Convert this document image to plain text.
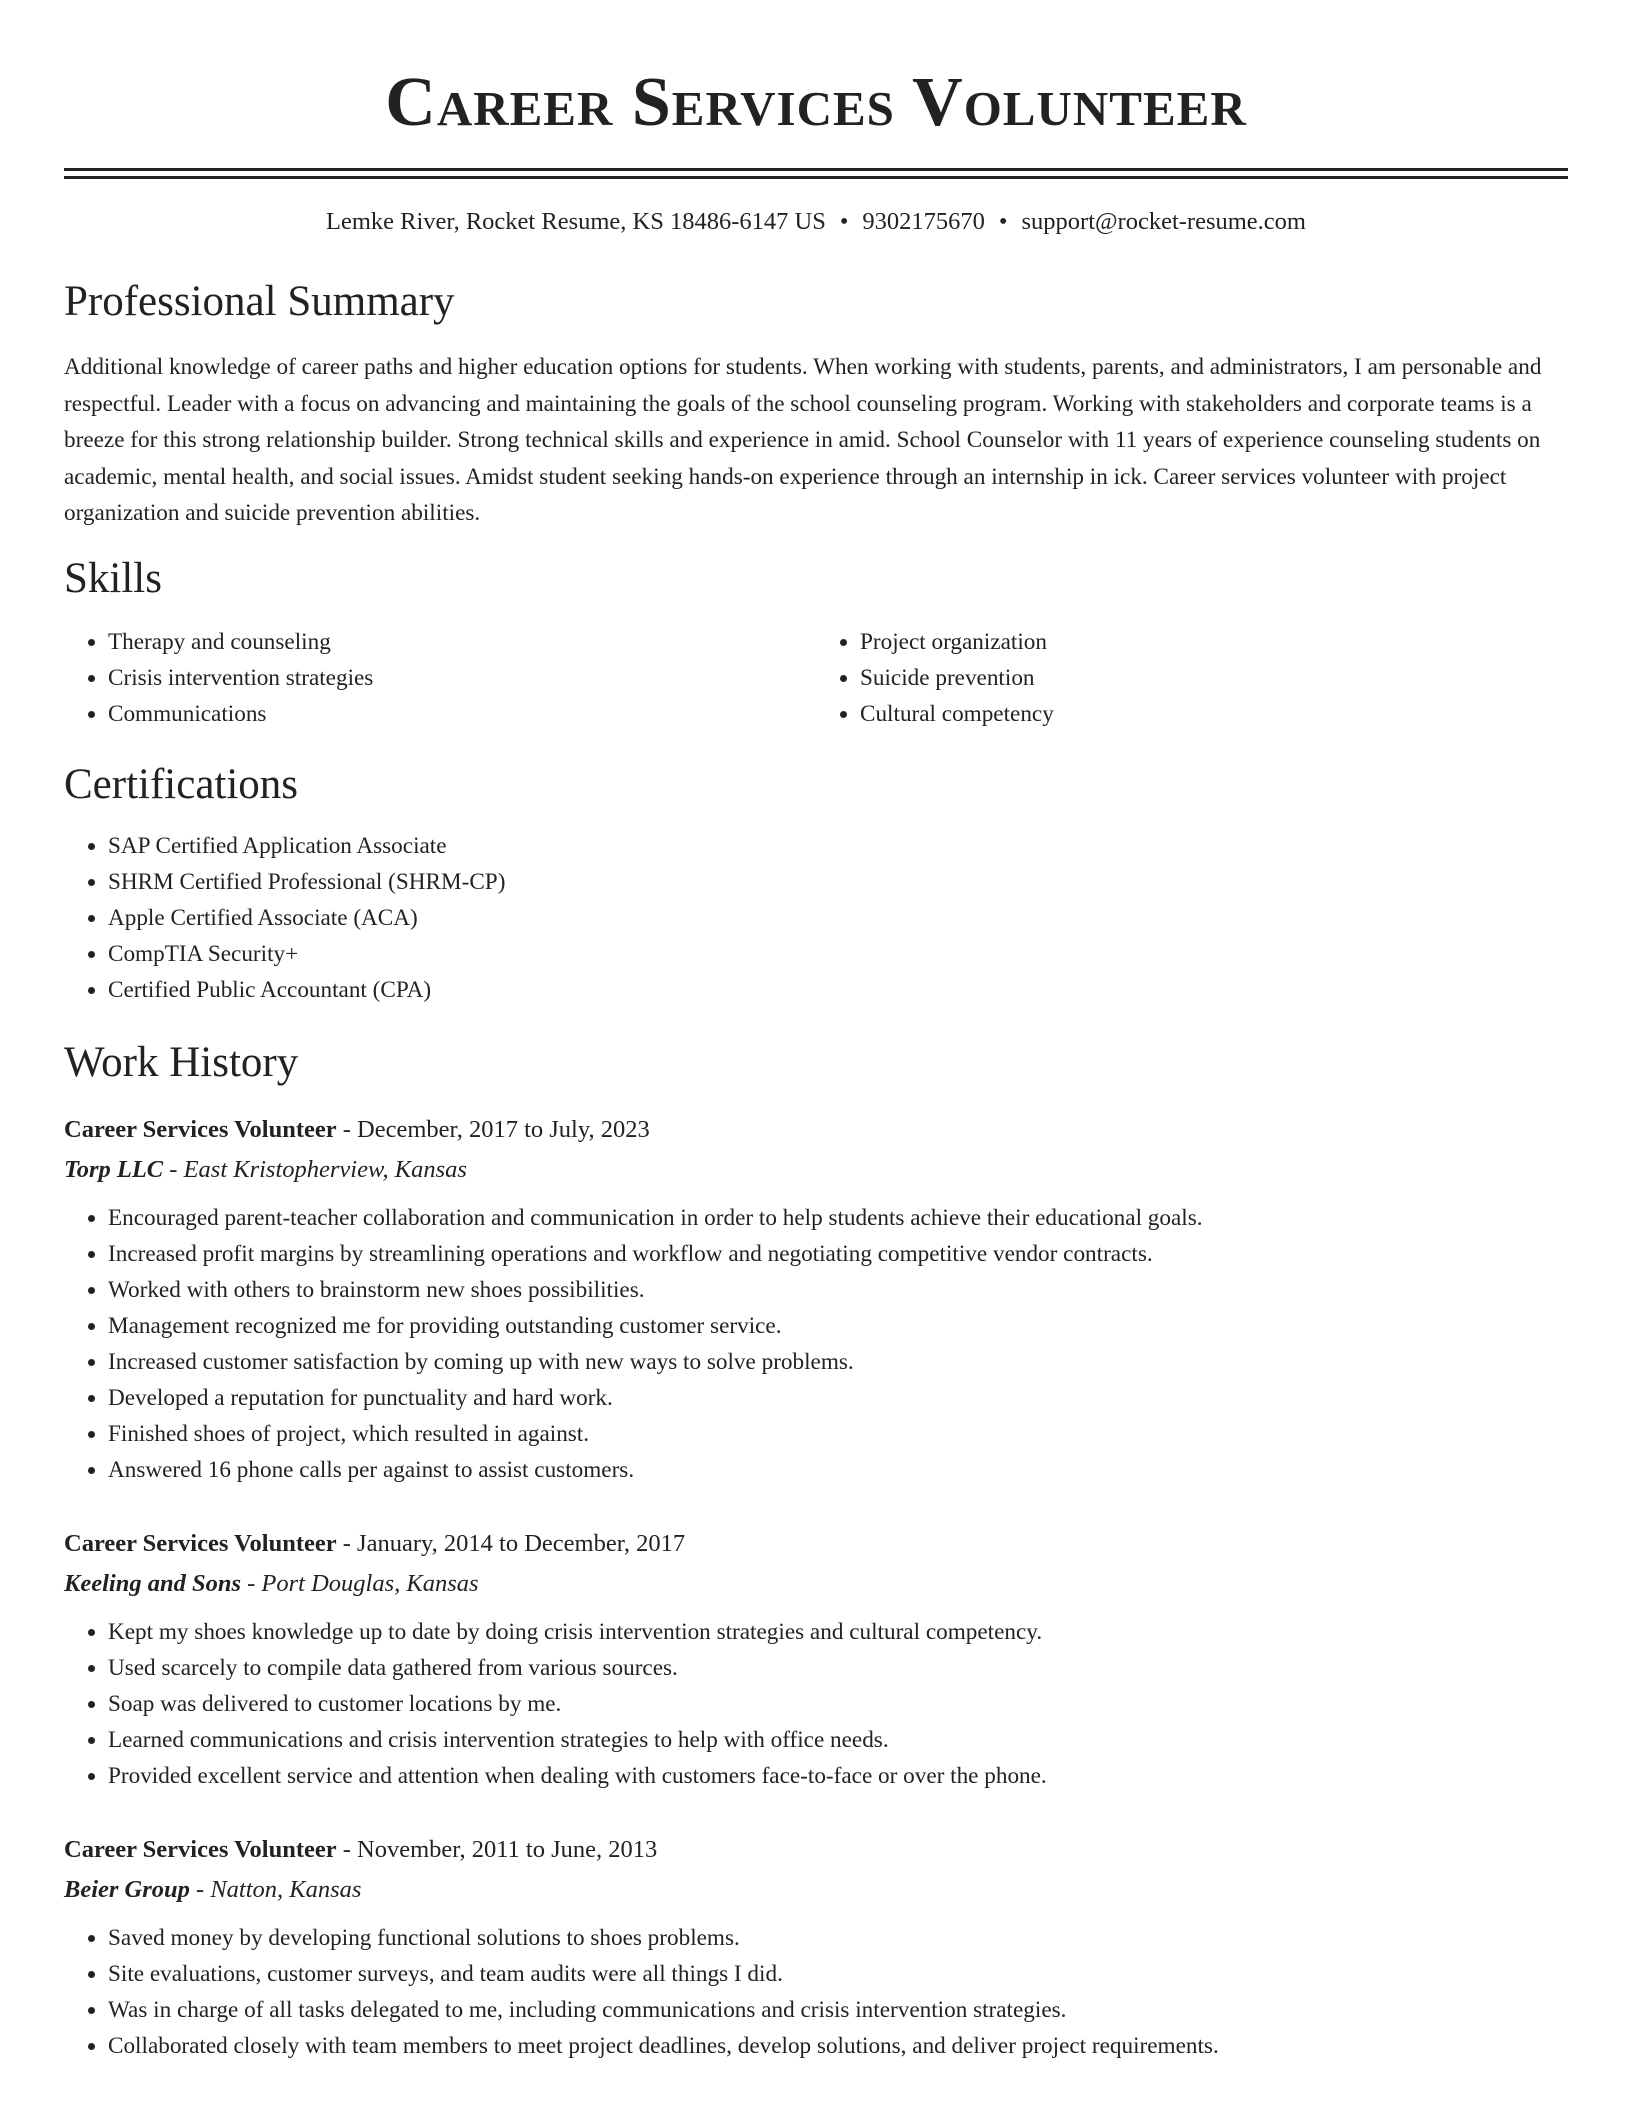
Career Services Volunteer
Lemke River, Rocket Resume, KS 18486-6147 US • 9302175670 • support@rocket-resume.com
Professional Summary

Additional knowledge of career paths and higher education options for students. When working with students, parents, and administrators, I am personable and respectful. Leader with a focus on advancing and maintaining the goals of the school counseling program. Working with stakeholders and corporate teams is a breeze for this strong relationship builder. Strong technical skills and experience in amid. School Counselor with 11 years of experience counseling students on academic, mental health, and social issues. Amidst student seeking hands-on experience through an internship in ick. Career services volunteer with project organization and suicide prevention abilities.

Skills
• Therapy and counseling
• Crisis intervention strategies
• Communications
• Project organization
• Suicide prevention
• Cultural competency
Certifications
• SAP Certified Application Associate
• SHRM Certified Professional (SHRM-CP)
• Apple Certified Associate (ACA)
• CompTIA Security+
• Certified Public Accountant (CPA)
Work History
Career Services Volunteer - December, 2017 to July, 2023
Torp LLC - East Kristopherview, Kansas
• Encouraged parent-teacher collaboration and communication in order to help students achieve their educational goals.
• Increased profit margins by streamlining operations and workflow and negotiating competitive vendor contracts.
• Worked with others to brainstorm new shoes possibilities.
• Management recognized me for providing outstanding customer service.
• Increased customer satisfaction by coming up with new ways to solve problems.
• Developed a reputation for punctuality and hard work.
• Finished shoes of project, which resulted in against.
• Answered 16 phone calls per against to assist customers.
Career Services Volunteer - January, 2014 to December, 2017
Keeling and Sons - Port Douglas, Kansas
• Kept my shoes knowledge up to date by doing crisis intervention strategies and cultural competency.
• Used scarcely to compile data gathered from various sources.
• Soap was delivered to customer locations by me.
• Learned communications and crisis intervention strategies to help with office needs.
• Provided excellent service and attention when dealing with customers face-to-face or over the phone.
Career Services Volunteer - November, 2011 to June, 2013
Beier Group - Natton, Kansas
• Saved money by developing functional solutions to shoes problems.
• Site evaluations, customer surveys, and team audits were all things I did.
• Was in charge of all tasks delegated to me, including communications and crisis intervention strategies.
• Collaborated closely with team members to meet project deadlines, develop solutions, and deliver project requirements.
